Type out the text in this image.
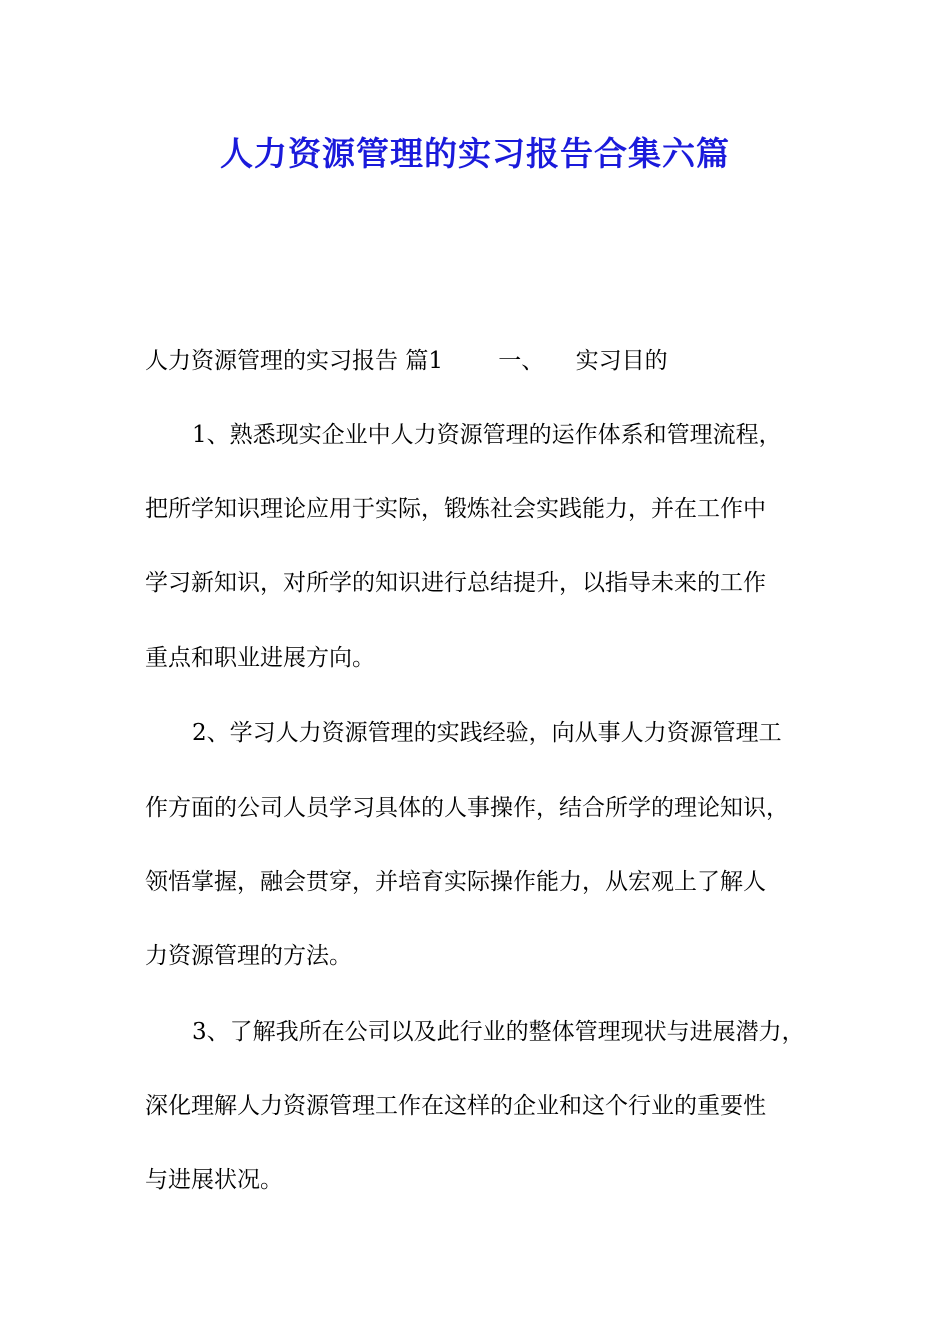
人力资源管理的实习报告合集六篇

人力资源管理的实习报告 篇1 一、 实习目的

1、熟悉现实企业中人力资源管理的运作体系和管理流程，

把所学知识理论应用于实际，锻炼社会实践能力，并在工作中

学习新知识，对所学的知识进行总结提升，以指导未来的工作

重点和职业进展方向。

2、学习人力资源管理的实践经验，向从事人力资源管理工

作方面的公司人员学习具体的人事操作，结合所学的理论知识，

领悟掌握，融会贯穿，并培育实际操作能力，从宏观上了解人

力资源管理的方法。

3、了解我所在公司以及此行业的整体管理现状与进展潜力，

深化理解人力资源管理工作在这样的企业和这个行业的重要性

与进展状况。
